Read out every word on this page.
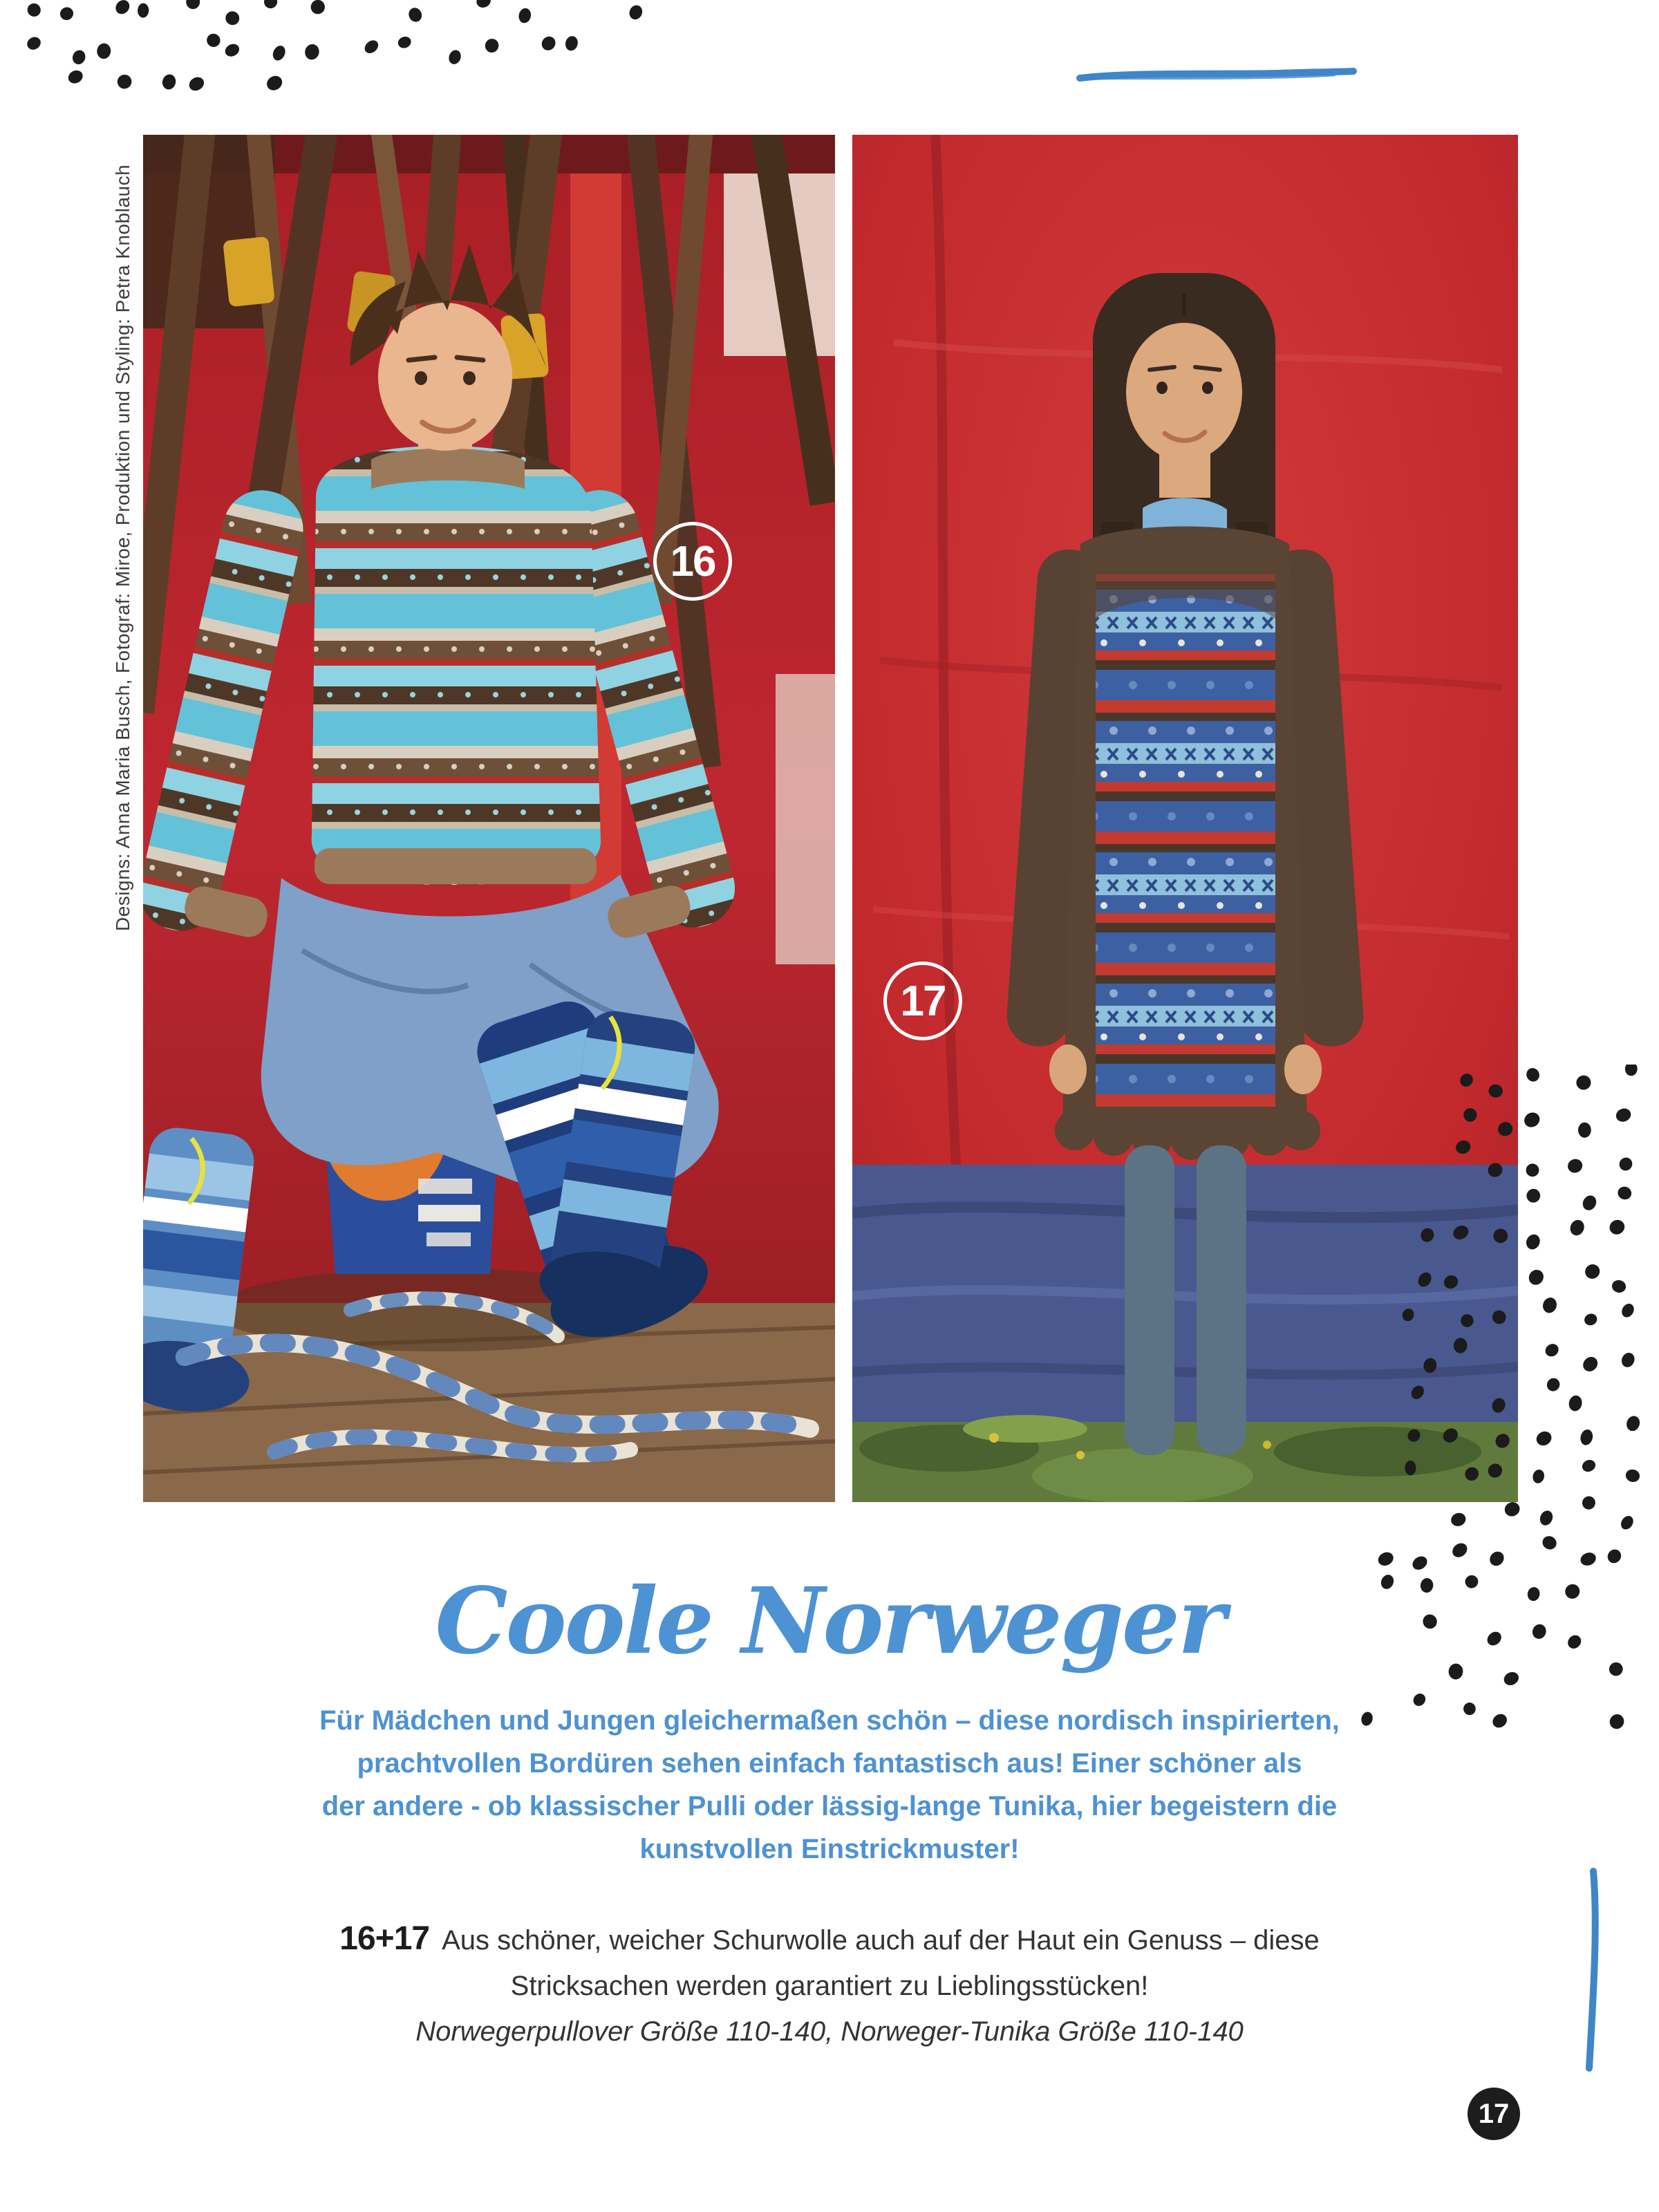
Designs: Anna Maria Busch, Fotograf: Miroe, Produktion und Styling: Petra Knoblauch	16
17
Coole Norweger
Für Mädchen und Jungen gleichermaßen schön – diese nordisch inspirierten,
prachtvollen Bordüren sehen einfach fantastisch aus! Einer schöner als
der andere - ob klassischer Pulli oder lässig-lange Tunika, hier begeistern die
kunstvollen Einstrickmuster!
16+17 Aus schöner, weicher Schurwolle auch auf der Haut ein Genuss – diese
Stricksachen werden garantiert zu Lieblingsstücken!
Norwegerpullover Größe 110-140, Norweger-Tunika Größe 110-140
17
